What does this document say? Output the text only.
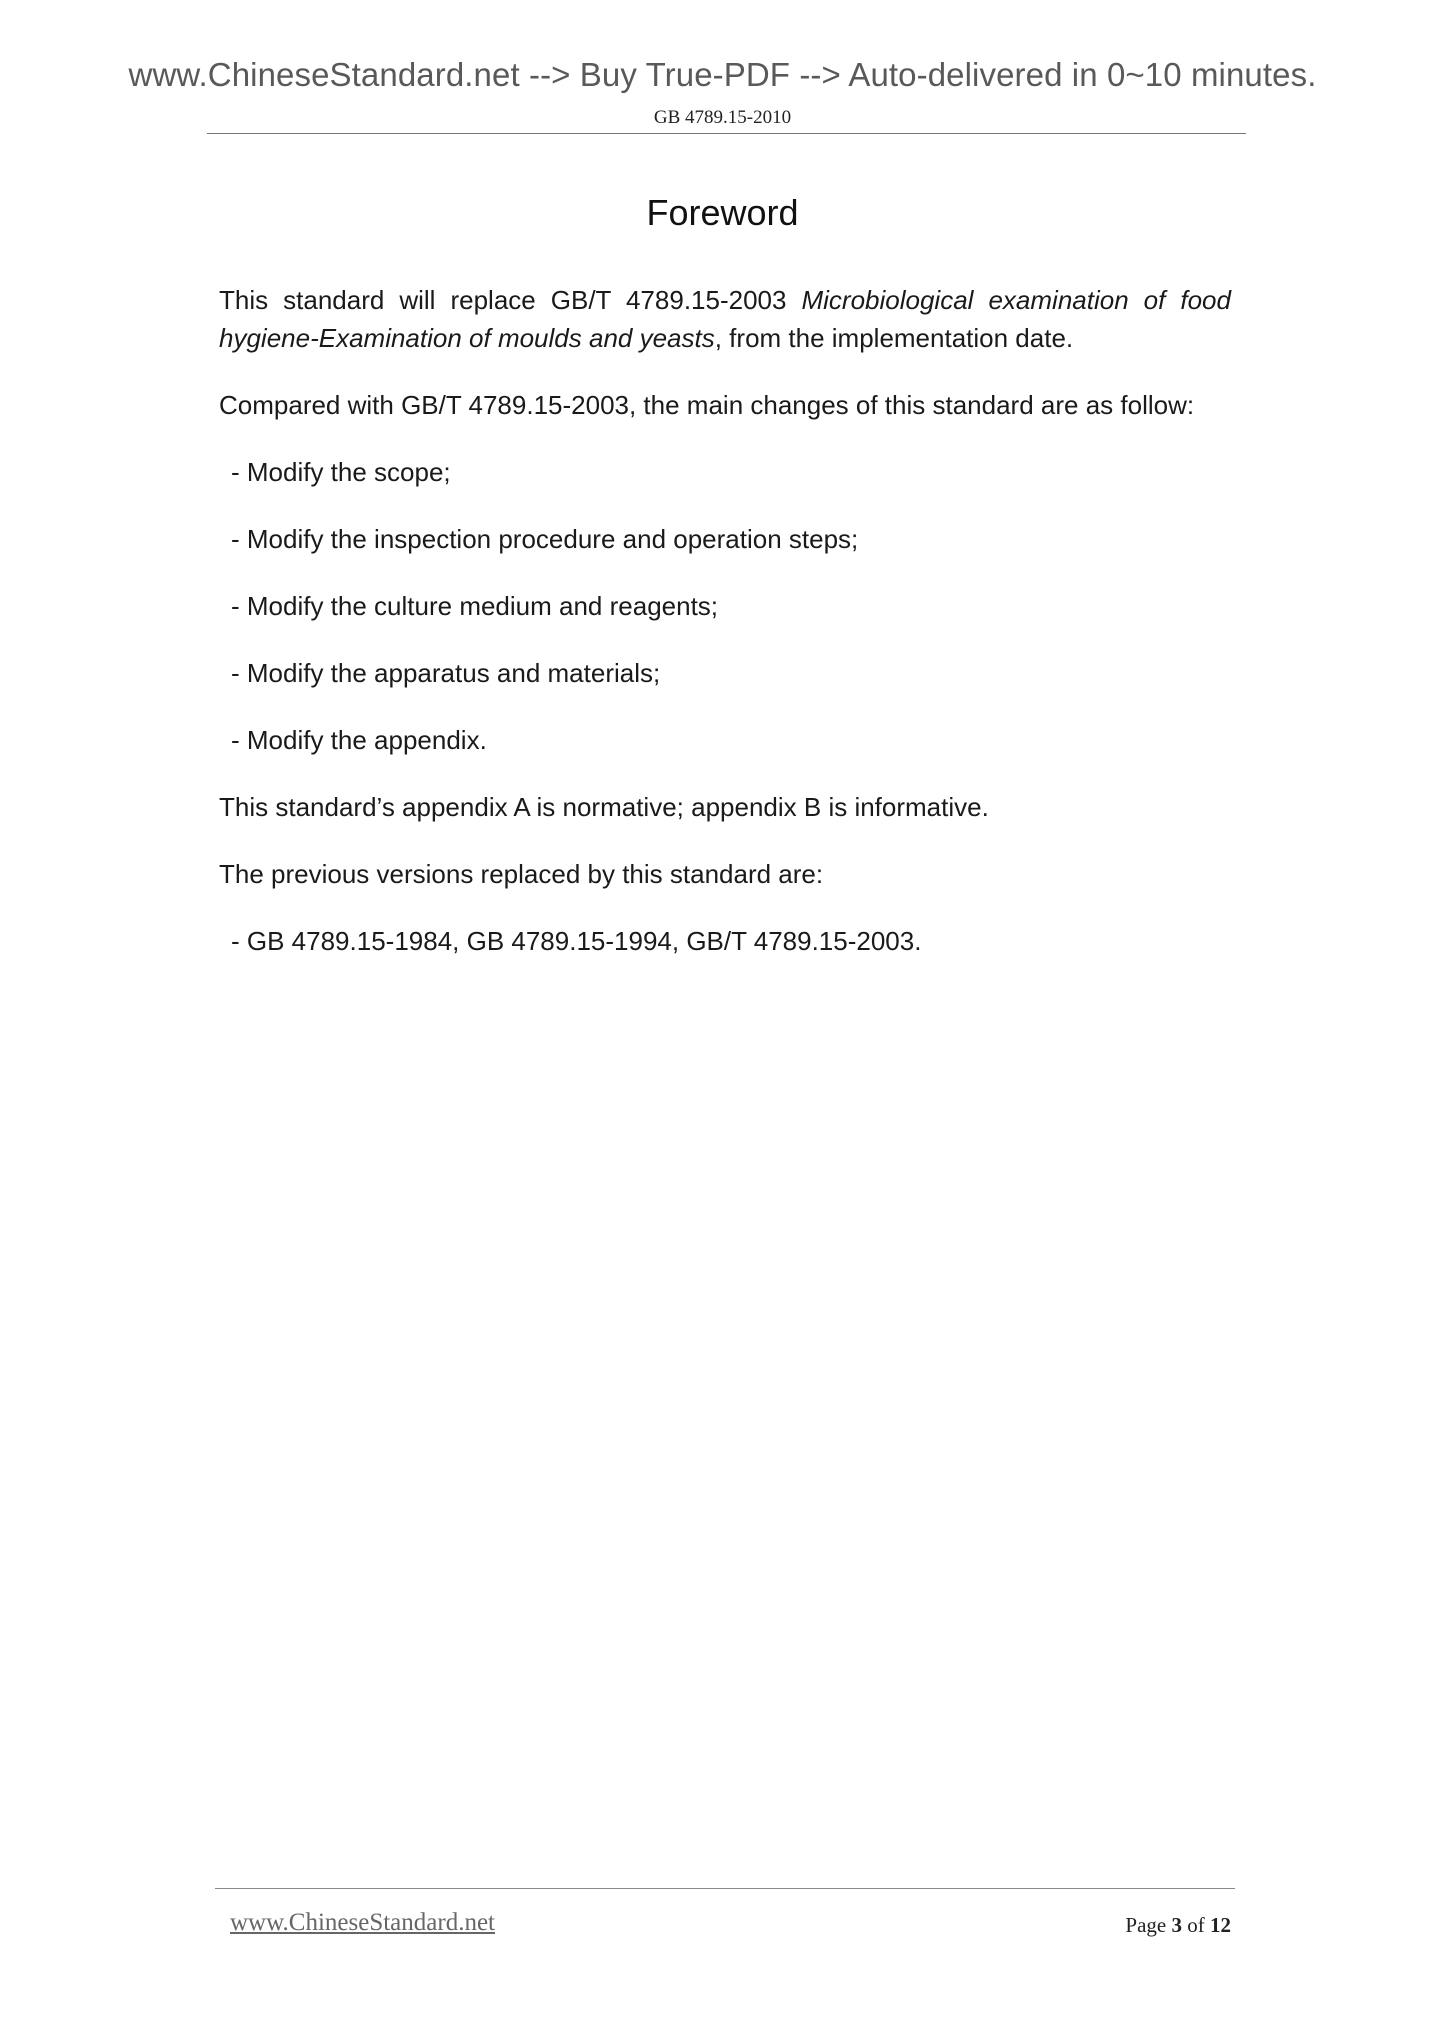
www.ChineseStandard.net --> Buy True-PDF --> Auto-delivered in 0~10 minutes.
GB 4789.15-2010
Foreword

This standard will replace GB/T 4789.15-2003 Microbiological examination of food hygiene-Examination of moulds and yeasts, from the implementation date.

Compared with GB/T 4789.15-2003, the main changes of this standard are as follow:

- Modify the scope;
- Modify the inspection procedure and operation steps;
- Modify the culture medium and reagents;
- Modify the apparatus and materials;
- Modify the appendix.

This standard’s appendix A is normative; appendix B is informative.

The previous versions replaced by this standard are:

- GB 4789.15-1984, GB 4789.15-1994, GB/T 4789.15-2003.
www.ChineseStandard.net	Page 3 of 12
